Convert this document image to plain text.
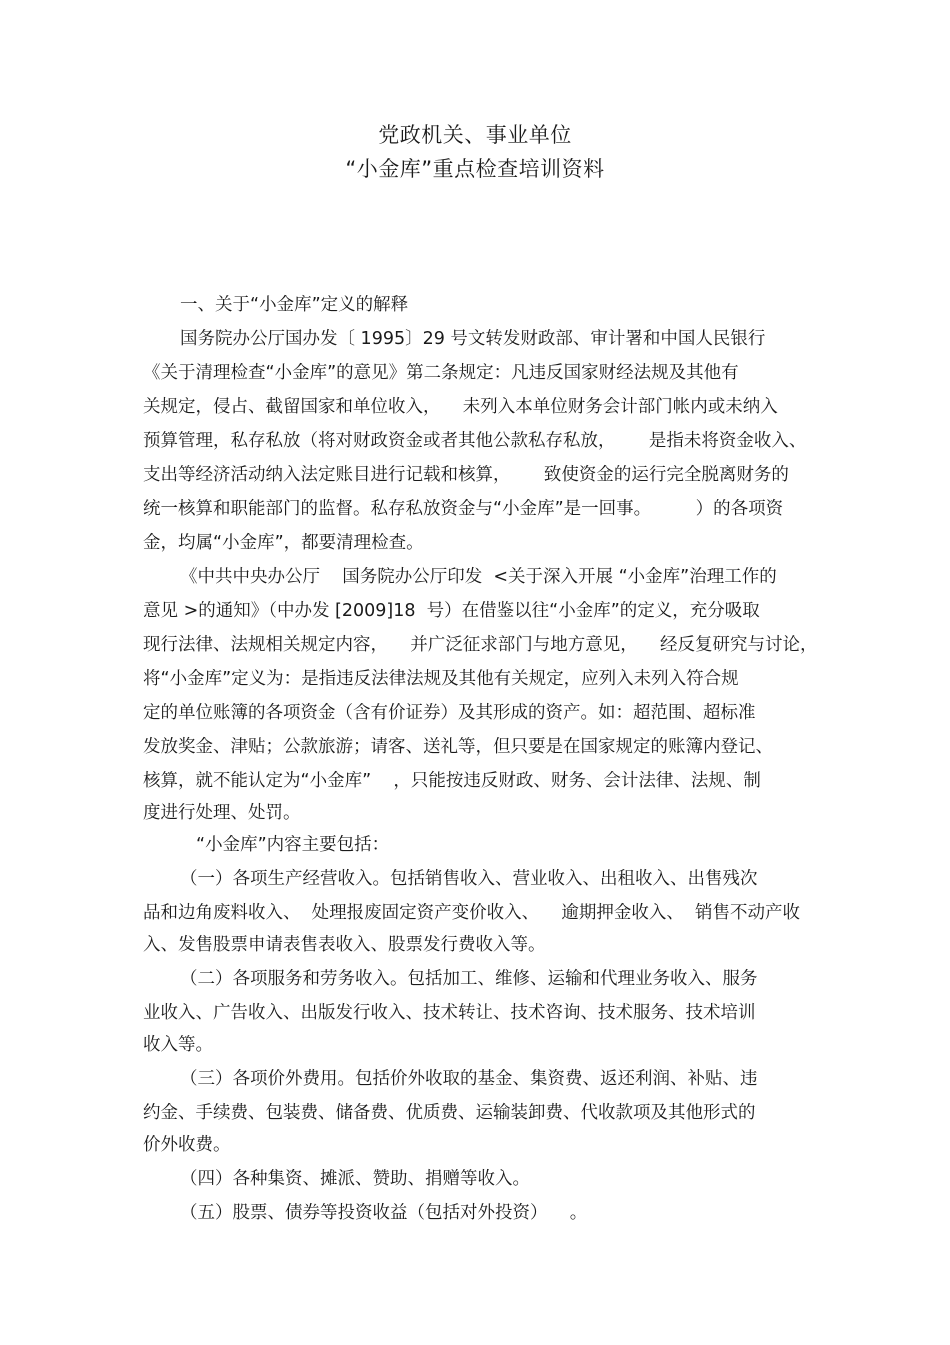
党政机关、事业单位
“小金库”重点检查培训资料
一、关于“小金库”定义的解释
国务院办公厅国办发〔 1995〕29 号文转发财政部、审计署和中国人民银行
《关于清理检查“小金库”的意见》第二条规定：凡违反国家财经法规及其他有
关规定，侵占、截留国家和单位收入，    未列入本单位财务会计部门帐内或未纳入
预算管理，私存私放（将对财政资金或者其他公款私存私放，      是指未将资金收入、
支出等经济活动纳入法定账目进行记载和核算，      致使资金的运行完全脱离财务的
统一核算和职能部门的监督。私存私放资金与“小金库”是一回事。        ）的各项资
金，均属“小金库”，都要清理检查。
《中共中央办公厅    国务院办公厅印发  <关于深入开展 “小金库”治理工作的
意见 >的通知》（中办发 [2009]18  号）在借鉴以往“小金库”的定义，充分吸取
现行法律、法规相关规定内容，    并广泛征求部门与地方意见，    经反复研究与讨论，
将“小金库”定义为：是指违反法律法规及其他有关规定，应列入未列入符合规
定的单位账簿的各项资金（含有价证券）及其形成的资产。如：超范围、超标准
发放奖金、津贴；公款旅游；请客、送礼等，但只要是在国家规定的账簿内登记、
核算，就不能认定为“小金库”    ，只能按违反财政、财务、会计法律、法规、制
度进行处理、处罚。
“小金库”内容主要包括：
（一）各项生产经营收入。包括销售收入、营业收入、出租收入、出售残次
品和边角废料收入、  处理报废固定资产变价收入、    逾期押金收入、  销售不动产收
入、发售股票申请表售表收入、股票发行费收入等。
（二）各项服务和劳务收入。包括加工、维修、运输和代理业务收入、服务
业收入、广告收入、出版发行收入、技术转让、技术咨询、技术服务、技术培训
收入等。
（三）各项价外费用。包括价外收取的基金、集资费、返还利润、补贴、违
约金、手续费、包装费、储备费、优质费、运输装卸费、代收款项及其他形式的
价外收费。
（四）各种集资、摊派、赞助、捐赠等收入。
（五）股票、债券等投资收益（包括对外投资）    。
